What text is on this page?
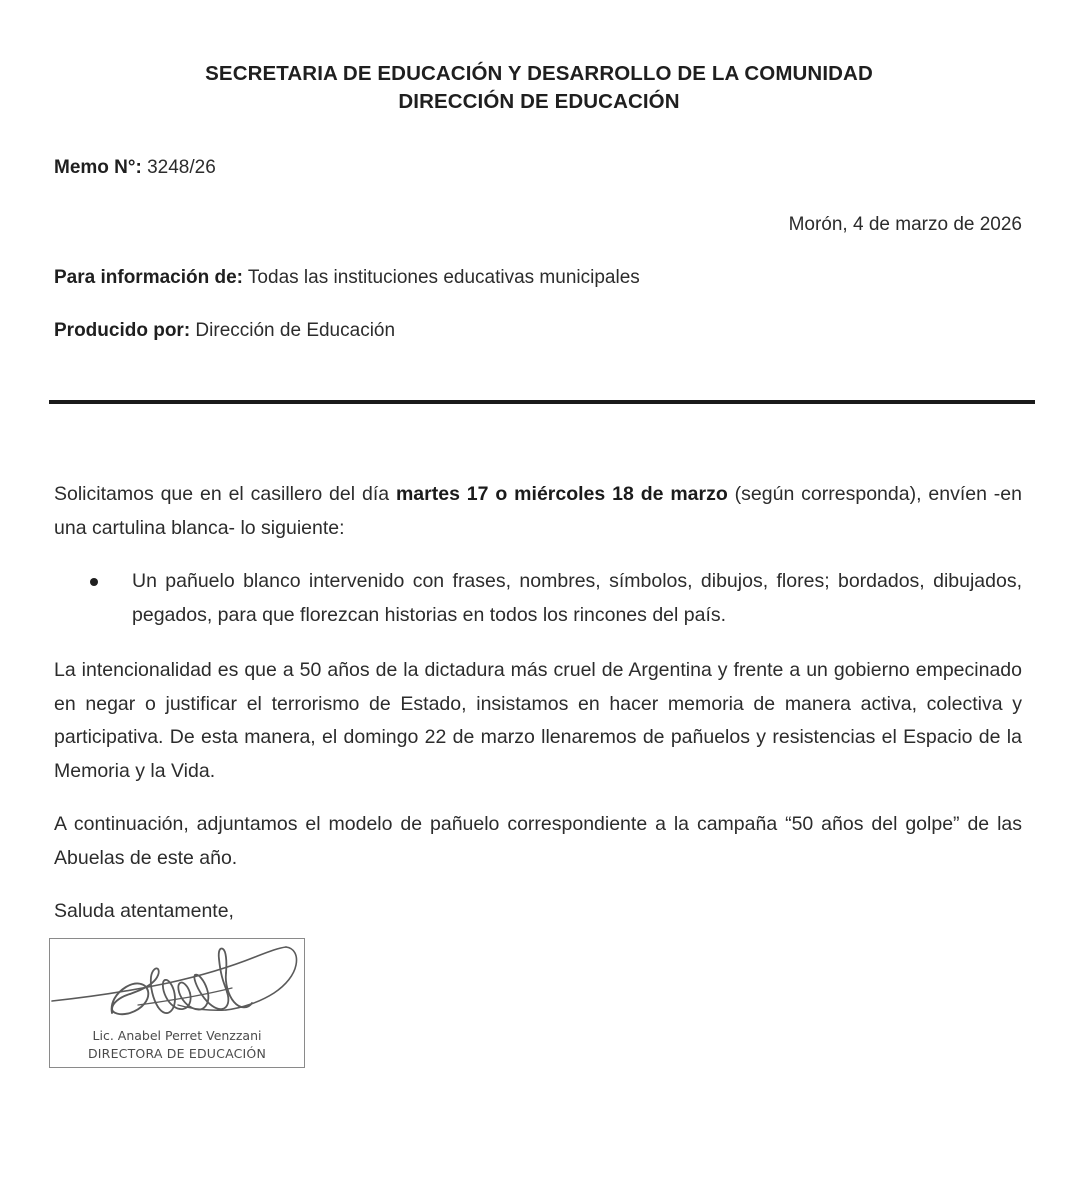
SECRETARIA DE EDUCACIÓN Y DESARROLLO DE LA COMUNIDAD
DIRECCIÓN DE EDUCACIÓN
Memo N°: 3248/26
Morón, 4 de marzo de 2026
Para información de: Todas las instituciones educativas municipales
Producido por: Dirección de Educación

Solicitamos que en el casillero del día martes 17 o miércoles 18 de marzo (según corresponda), envíen -en una cartulina blanca- lo siguiente:

Un pañuelo blanco intervenido con frases, nombres, símbolos, dibujos, flores; bordados, dibujados, pegados, para que florezcan historias en todos los rincones del país.

La intencionalidad es que a 50 años de la dictadura más cruel de Argentina y frente a un gobierno empecinado en negar o justificar el terrorismo de Estado, insistamos en hacer memoria de manera activa, colectiva y participativa. De esta manera, el domingo 22 de marzo llenaremos de pañuelos y resistencias el Espacio de la Memoria y la Vida.

A continuación, adjuntamos el modelo de pañuelo correspondiente a la campaña “50 años del golpe” de las Abuelas de este año.

Saluda atentamente,

Lic. Anabel Perret Venzzani
DIRECTORA DE EDUCACIÓN
